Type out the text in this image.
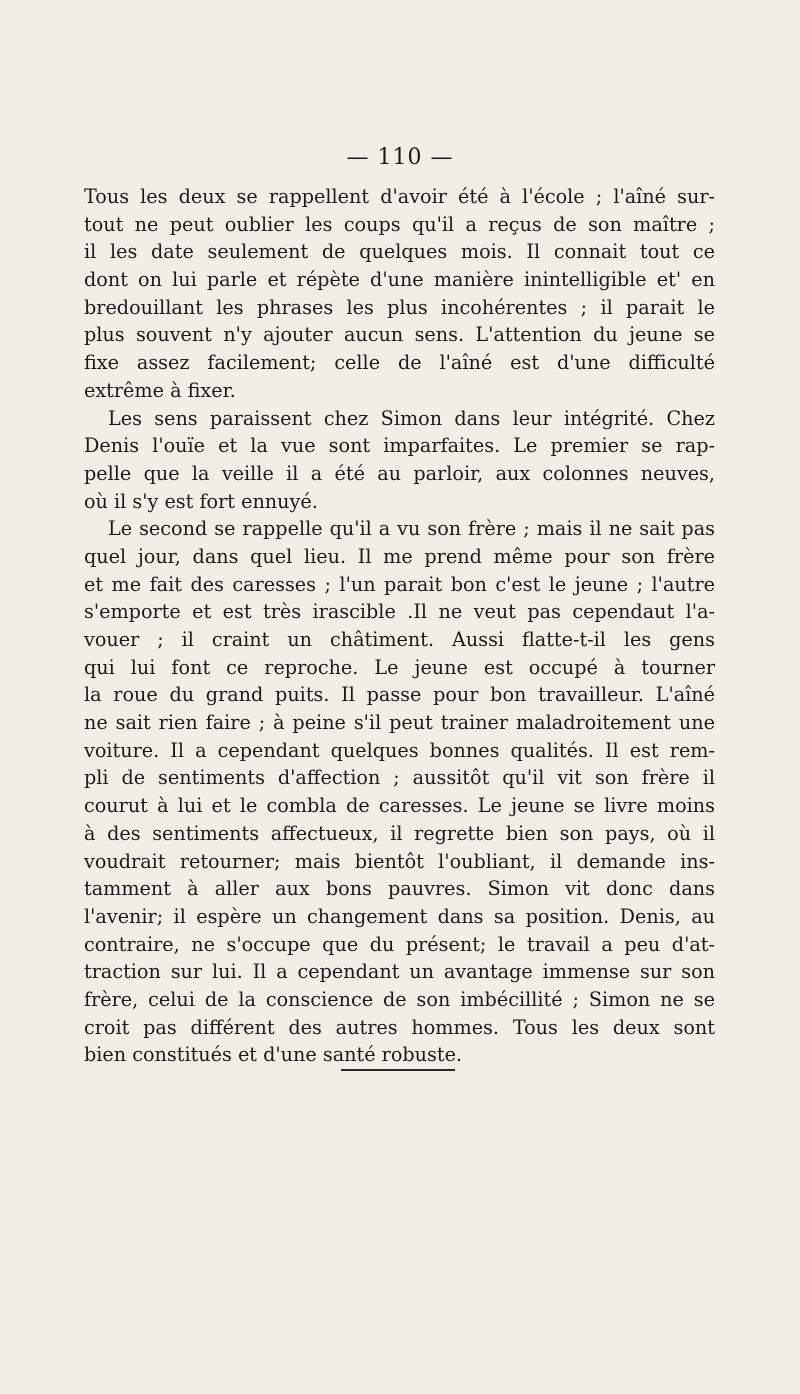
— 110 —
Tous les deux se rappellent d'avoir été à l'école ; l'aîné sur-
tout ne peut oublier les coups qu'il a reçus de son maître ;
il les date seulement de quelques mois. Il connait tout ce
dont on lui parle et répète d'une manière inintelligible et' en
bredouillant les phrases les plus incohérentes ; il parait le
plus souvent n'y ajouter aucun sens. L'attention du jeune se
fixe assez facilement; celle de l'aîné est d'une difficulté
extrême à fixer.
Les sens paraissent chez Simon dans leur intégrité. Chez
Denis l'ouïe et la vue sont imparfaites. Le premier se rap-
pelle que la veille il a été au parloir, aux colonnes neuves,
où il s'y est fort ennuyé.
Le second se rappelle qu'il a vu son frère ; mais il ne sait pas
quel jour, dans quel lieu. Il me prend même pour son frère
et me fait des caresses ; l'un parait bon c'est le jeune ; l'autre
s'emporte et est très irascible .Il ne veut pas cependaut l'a-
vouer ; il craint un châtiment. Aussi flatte-t-il les gens
qui lui font ce reproche. Le jeune est occupé à tourner
la roue du grand puits. Il passe pour bon travailleur. L'aîné
ne sait rien faire ; à peine s'il peut trainer maladroitement une
voiture. Il a cependant quelques bonnes qualités. Il est rem-
pli de sentiments d'affection ; aussitôt qu'il vit son frère il
courut à lui et le combla de caresses. Le jeune se livre moins
à des sentiments affectueux, il regrette bien son pays, où il
voudrait retourner; mais bientôt l'oubliant, il demande ins-
tamment à aller aux bons pauvres. Simon vit donc dans
l'avenir; il espère un changement dans sa position. Denis, au
contraire, ne s'occupe que du présent; le travail a peu d'at-
traction sur lui. Il a cependant un avantage immense sur son
frère, celui de la conscience de son imbécillité ; Simon ne se
croit pas différent des autres hommes. Tous les deux sont
bien constitués et d'une santé robuste.
